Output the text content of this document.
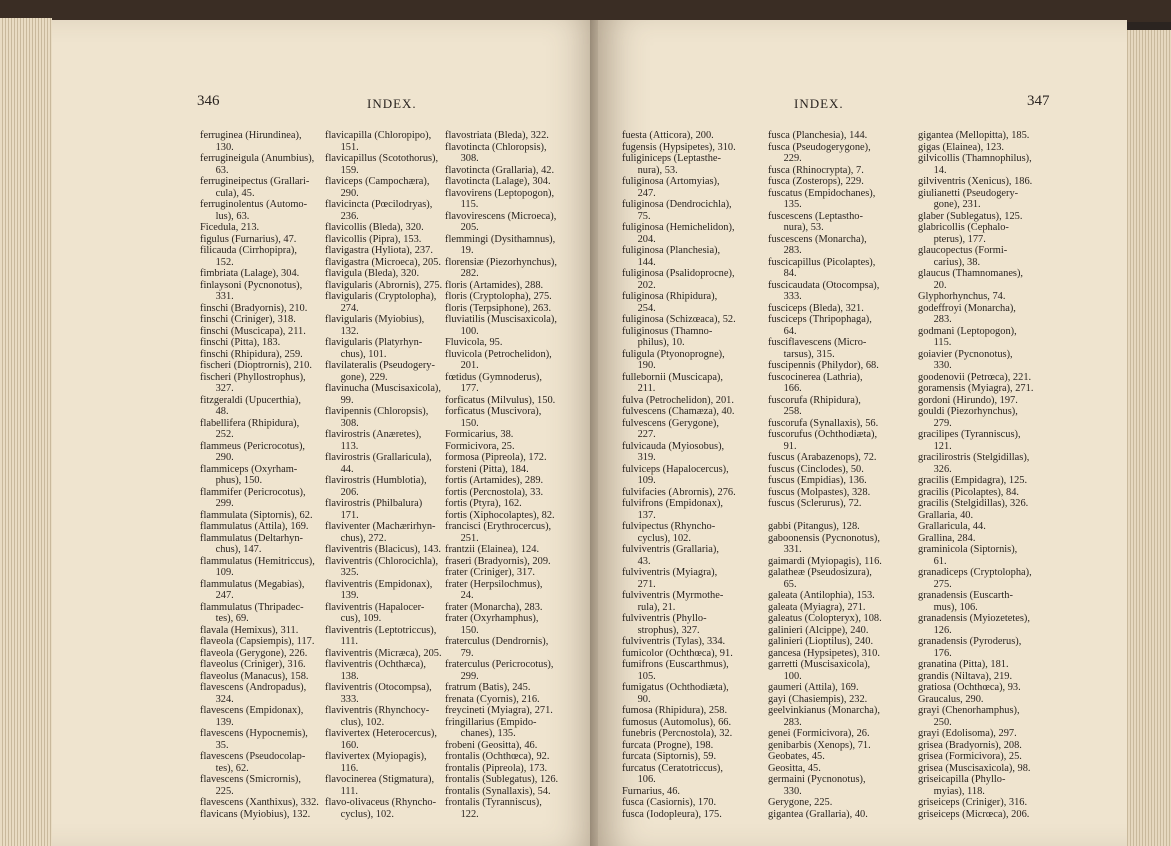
346	INDEX.
ferruginea (Hirundinea),
  130.
ferrugineigula (Anumbius),
  63.
ferrugineipectus (Grallari-
  cula), 45.
ferruginolentus (Automo-
  lus), 63.
Ficedula, 213.
figulus (Furnarius), 47.
filicauda (Cirrhopipra),
  152.
fimbriata (Lalage), 304.
finlaysoni (Pycnonotus),
  331.
finschi (Bradyornis), 210.
finschi (Criniger), 318.
finschi (Muscicapa), 211.
finschi (Pitta), 183.
finschi (Rhipidura), 259.
fischeri (Dioptrornis), 210.
fischeri (Phyllostrophus),
  327.
fitzgeraldi (Upucerthia),
  48.
flabellifera (Rhipidura),
  252.
flammeus (Pericrocotus),
  290.
flammiceps (Oxyrham-
  phus), 150.
flammifer (Pericrocotus),
  299.
flammulata (Siptornis), 62.
flammulatus (Attila), 169.
flammulatus (Deltarhyn-
  chus), 147.
flammulatus (Hemitriccus),
  109.
flammulatus (Megabias),
  247.
flammulatus (Thripadec-
  tes), 69.
flavala (Hemixus), 311.
flaveola (Capsiempis), 117.
flaveola (Gerygone), 226.
flaveolus (Criniger), 316.
flaveolus (Manacus), 158.
flavescens (Andropadus),
  324.
flavescens (Empidonax),
  139.
flavescens (Hypocnemis),
  35.
flavescens (Pseudocolap-
  tes), 62.
flavescens (Smicrornis),
  225.
flavescens (Xanthixus), 332.
flavicans (Myiobius), 132.
flavicapilla (Chloropipo),
  151.
flavicapillus (Scotothorus),
  159.
flaviceps (Campochæra),
  290.
flavicincta (Pœcilodryas),
  236.
flavicollis (Bleda), 320.
flavicollis (Pipra), 153.
flavigastra (Hyliota), 237.
flavigastra (Microeca), 205.
flavigula (Bleda), 320.
flavigularis (Abrornis), 275.
flavigularis (Cryptolopha),
  274.
flavigularis (Myiobius),
  132.
flavigularis (Platyrhyn-
  chus), 101.
flavilateralis (Pseudogery-
  gone), 229.
flavinucha (Muscisaxicola),
  99.
flavipennis (Chloropsis),
  308.
flavirostris (Anæretes),
  113.
flavirostris (Grallaricula),
  44.
flavirostris (Humblotia),
  206.
flavirostris (Philbalura)
  171.
flaviventer (Machærirhyn-
  chus), 272.
flaviventris (Blacicus), 143.
flaviventris (Chlorocichla),
  325.
flaviventris (Empidonax),
  139.
flaviventris (Hapalocer-
  cus), 109.
flaviventris (Leptotriccus),
  111.
flaviventris (Micræca), 205.
flaviventris (Ochthæca),
  138.
flaviventris (Otocompsa),
  333.
flaviventris (Rhynchocy-
  clus), 102.
flavivertex (Heterocercus),
  160.
flavivertex (Myiopagis),
  116.
flavocinerea (Stigmatura),
  111.
flavo-olivaceus (Rhyncho-
  cyclus), 102.
flavostriata (Bleda), 322.
flavotincta (Chloropsis),
  308.
flavotincta (Grallaria), 42.
flavotincta (Lalage), 304.
flavovirens (Leptopogon),
  115.
flavovirescens (Microeca),
  205.
flemmingi (Dysithamnus),
  19.
florensiæ (Piezorhynchus),
  282.
floris (Artamides), 288.
floris (Cryptolopha), 275.
floris (Terpsiphone), 263.
fluviatilis (Muscisaxicola),
  100.
Fluvicola, 95.
fluvicola (Petrochelidon),
  201.
fœtidus (Gymnoderus),
  177.
forficatus (Milvulus), 150.
forficatus (Muscivora),
  150.
Formicarius, 38.
Formicivora, 25.
formosa (Pipreola), 172.
forsteni (Pitta), 184.
fortis (Artamides), 289.
fortis (Percnostola), 33.
fortis (Ptyra), 162.
fortis (Xiphocolaptes), 82.
francisci (Erythrocercus),
  251.
frantzii (Elainea), 124.
fraseri (Bradyornis), 209.
frater (Criniger), 317.
frater (Herpsilochmus),
  24.
frater (Monarcha), 283.
frater (Oxyrhamphus),
  150.
fraterculus (Dendrornis),
  79.
fraterculus (Pericrocotus),
  299.
fratrum (Batis), 245.
frenata (Cyornis), 216.
freycineti (Myiagra), 271.
fringillarius (Empido-
  chanes), 135.
frobeni (Geositta), 46.
frontalis (Ochthœca), 92.
frontalis (Pipreola), 173.
frontalis (Sublegatus), 126.
frontalis (Synallaxis), 54.
frontalis (Tyranniscus),
  122.
347
INDEX.
fuesta (Atticora), 200.
fugensis (Hypsipetes), 310.
fuliginiceps (Leptasthe-
  nura), 53.
fuliginosa (Artomyias),
  247.
fuliginosa (Dendrocichla),
  75.
fuliginosa (Hemichelidon),
  204.
fuliginosa (Planchesia),
  144.
fuliginosa (Psalidoprocne),
  202.
fuliginosa (Rhipidura),
  254.
fuliginosa (Schizœaca), 52.
fuliginosus (Thamno-
  philus), 10.
fuligula (Ptyonoprogne),
  190.
fullebornii (Muscicapa),
  211.
fulva (Petrochelidon), 201.
fulvescens (Chamæza), 40.
fulvescens (Gerygone),
  227.
fulvicauda (Myiosobus),
  319.
fulviceps (Hapalocercus),
  109.
fulvifacies (Abrornis), 276.
fulvifrons (Empidonax),
  137.
fulvipectus (Rhyncho-
  cyclus), 102.
fulviventris (Grallaria),
  43.
fulviventris (Myiagra),
  271.
fulviventris (Myrmothe-
  rula), 21.
fulviventris (Phyllo-
  strophus), 327.
fulviventris (Tylas), 334.
fumicolor (Ochthœca), 91.
fumifrons (Euscarthmus),
  105.
fumigatus (Ochthodiæta),
  90.
fumosa (Rhipidura), 258.
fumosus (Automolus), 66.
funebris (Percnostola), 32.
furcata (Progne), 198.
furcata (Siptornis), 59.
furcatus (Ceratotriccus),
  106.
Furnarius, 46.
fusca (Casiornis), 170.
fusca (Iodopleura), 175.
fusca (Planchesia), 144.
fusca (Pseudogerygone),
  229.
fusca (Rhinocrypta), 7.
fusca (Zosterops), 229.
fuscatus (Empidochanes),
  135.
fuscescens (Leptastho-
  nura), 53.
fuscescens (Monarcha),
  283.
fuscicapillus (Picolaptes),
  84.
fuscicaudata (Otocompsa),
  333.
fusciceps (Bleda), 321.
fusciceps (Thripophaga),
  64.
fusciflavescens (Micro-
  tarsus), 315.
fuscipennis (Philydor), 68.
fuscocinerea (Lathria),
  166.
fuscorufa (Rhipidura),
  258.
fuscorufa (Synallaxis), 56.
fuscorufus (Ochthodiæta),
  91.
fuscus (Arabazenops), 72.
fuscus (Cinclodes), 50.
fuscus (Empidias), 136.
fuscus (Molpastes), 328.
fuscus (Sclerurus), 72.

gabbi (Pitangus), 128.
gaboonensis (Pycnonotus),
  331.
gaimardi (Myiopagis), 116.
galatheæ (Pseudosizura),
  65.
galeata (Antilophia), 153.
galeata (Myiagra), 271.
galeatus (Colopteryx), 108.
galinieri (Alcippe), 240.
galinieri (Lioptilus), 240.
gancesa (Hypsipetes), 310.
garretti (Muscisaxicola),
  100.
gaumeri (Attila), 169.
gayi (Chasiempis), 232.
geelvinkianus (Monarcha),
  283.
genei (Formicivora), 26.
genibarbis (Xenops), 71.
Geobates, 45.
Geositta, 45.
germaini (Pycnonotus),
  330.
Gerygone, 225.
gigantea (Grallaria), 40.
gigantea (Mellopitta), 185.
gigas (Elainea), 123.
gilvicollis (Thamnophilus),
  14.
gilviventris (Xenicus), 186.
giulianetti (Pseudogery-
  gone), 231.
glaber (Sublegatus), 125.
glabricollis (Cephalo-
  pterus), 177.
glaucopectus (Formi-
  carius), 38.
glaucus (Thamnomanes),
  20.
Glyphorhynchus, 74.
godeffroyi (Monarcha),
  283.
godmani (Leptopogon),
  115.
goiavier (Pycnonotus),
  330.
goodenovii (Petrœca), 221.
goramensis (Myiagra), 271.
gordoni (Hirundo), 197.
gouldi (Piezorhynchus),
  279.
gracilipes (Tyranniscus),
  121.
gracilirostris (Stelgidillas),
  326.
gracilis (Empidagra), 125.
gracilis (Picolaptes), 84.
gracilis (Stelgidillas), 326.
Grallaria, 40.
Grallaricula, 44.
Grallina, 284.
graminicola (Siptornis),
  61.
granadiceps (Cryptolopha),
  275.
granadensis (Euscarth-
  mus), 106.
granadensis (Myiozetetes),
  126.
granadensis (Pyroderus),
  176.
granatina (Pitta), 181.
grandis (Niltava), 219.
gratiosa (Ochthœca), 93.
Graucalus, 290.
grayi (Chenorhamphus),
  250.
grayi (Edolisoma), 297.
grisea (Bradyornis), 208.
grisea (Formicivora), 25.
grisea (Muscisaxicola), 98.
griseicapilla (Phyllo-
  myias), 118.
griseiceps (Criniger), 316.
griseiceps (Micrœca), 206.
